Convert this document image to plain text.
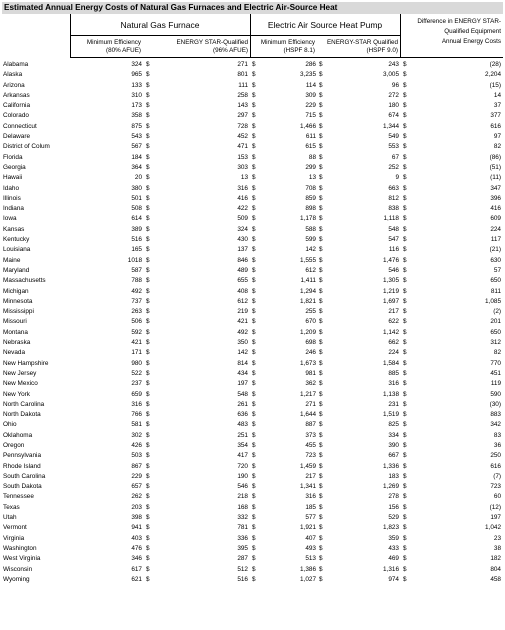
Estimated Annual Energy Costs of Natural Gas Furnaces and Electric Air-Source Heat
Natural Gas Furnace	Electric Air Source Heat Pump
Minimum Efficiency
(80% AFUE)
ENERGY STAR-Qualified
(96% AFUE)
Minimum Efficiency
(HSPF 8.1)
ENERGY-STAR Qualified
(HSPF 9.0)
Difference in ENERGY STAR-
Qualified Equipment
Annual Energy Costs
Alabama	324 $	271 $	286 $	243 $	(28)
Alaska	965 $	801 $	3,235 $	3,005 $	2,204
Arizona	133 $	111 $	114 $	96 $	(15)
Arkansas	310 $	258 $	309 $	272 $	14
California	173 $	143 $	229 $	180 $	37
Colorado	358 $	297 $	715 $	674 $	377
Connecticut	875 $	728 $	1,466 $	1,344 $	616
Delaware	543 $	452 $	611 $	549 $	97
District of Colum	567 $	471 $	615 $	553 $	82
Florida	184 $	153 $	88 $	67 $	(86)
Georgia	364 $	303 $	299 $	252 $	(51)
Hawaii	20 $	13 $	13 $	9 $	(11)
Idaho	380 $	316 $	708 $	663 $	347
Illinois	501 $	416 $	859 $	812 $	396
Indiana	508 $	422 $	898 $	838 $	416
Iowa	614 $	509 $	1,178 $	1,118 $	609
Kansas	389 $	324 $	588 $	548 $	224
Kentucky	516 $	430 $	599 $	547 $	117
Louisiana	165 $	137 $	142 $	116 $	(21)
Maine	1018 $	846 $	1,555 $	1,476 $	630
Maryland	587 $	489 $	612 $	546 $	57
Massachusetts	788 $	655 $	1,411 $	1,305 $	650
Michigan	492 $	408 $	1,294 $	1,219 $	811
Minnesota	737 $	612 $	1,821 $	1,697 $	1,085
Mississippi	263 $	219 $	255 $	217 $	(2)
Missouri	506 $	421 $	670 $	622 $	201
Montana	592 $	492 $	1,209 $	1,142 $	650
Nebraska	421 $	350 $	698 $	662 $	312
Nevada	171 $	142 $	246 $	224 $	82
New Hampshire	980 $	814 $	1,673 $	1,584 $	770
New Jersey	522 $	434 $	981 $	885 $	451
New Mexico	237 $	197 $	362 $	316 $	119
New York	659 $	548 $	1,217 $	1,138 $	590
North Carolina	316 $	261 $	271 $	231 $	(30)
North Dakota	766 $	636 $	1,644 $	1,519 $	883
Ohio	581 $	483 $	887 $	825 $	342
Oklahoma	302 $	251 $	373 $	334 $	83
Oregon	426 $	354 $	455 $	390 $	36
Pennsylvania	503 $	417 $	723 $	667 $	250
Rhode Island	867 $	720 $	1,459 $	1,336 $	616
South Carolina	229 $	190 $	217 $	183 $	(7)
South Dakota	657 $	546 $	1,341 $	1,269 $	723
Tennessee	262 $	218 $	316 $	278 $	60
Texas	203 $	168 $	185 $	156 $	(12)
Utah	398 $	332 $	577 $	529 $	197
Vermont	941 $	781 $	1,921 $	1,823 $	1,042
Virginia	403 $	336 $	407 $	359 $	23
Washington	476 $	395 $	493 $	433 $	38
West Virginia	346 $	287 $	513 $	469 $	182
Wisconsin	617 $	512 $	1,386 $	1,316 $	804
Wyoming	621 $	516 $	1,027 $	974 $	458
